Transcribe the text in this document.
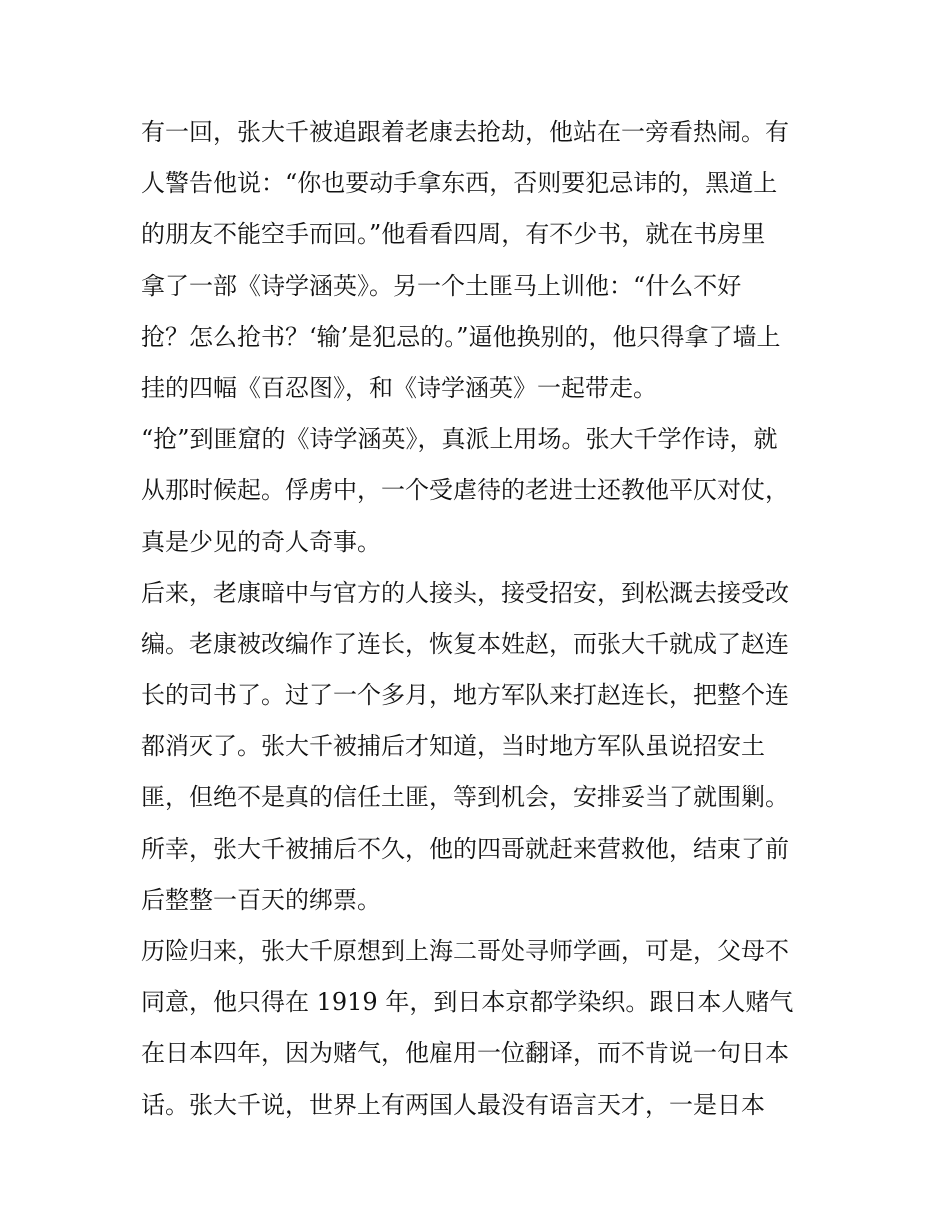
有一回，张大千被追跟着老康去抢劫，他站在一旁看热闹。有
人警告他说：“你也要动手拿东西，否则要犯忌讳的，黑道上
的朋友不能空手而回。”他看看四周，有不少书，就在书房里
拿了一部《诗学涵英》。另一个土匪马上训他：“什么不好
抢？怎么抢书？‘输’是犯忌的。”逼他换别的，他只得拿了墙上
挂的四幅《百忍图》，和《诗学涵英》一起带走。
“抢”到匪窟的《诗学涵英》，真派上用场。张大千学作诗，就
从那时候起。俘虏中，一个受虐待的老进士还教他平仄对仗，
真是少见的奇人奇事。
后来，老康暗中与官方的人接头，接受招安，到松溉去接受改
编。老康被改编作了连长，恢复本姓赵，而张大千就成了赵连
长的司书了。过了一个多月，地方军队来打赵连长，把整个连
都消灭了。张大千被捕后才知道，当时地方军队虽说招安土
匪，但绝不是真的信任土匪，等到机会，安排妥当了就围剿。
所幸，张大千被捕后不久，他的四哥就赶来营救他，结束了前
后整整一百天的绑票。
历险归来，张大千原想到上海二哥处寻师学画，可是，父母不
同意，他只得在 1919 年，到日本京都学染织。跟日本人赌气
在日本四年，因为赌气，他雇用一位翻译，而不肯说一句日本
话。张大千说，世界上有两国人最没有语言天才，一是日本
